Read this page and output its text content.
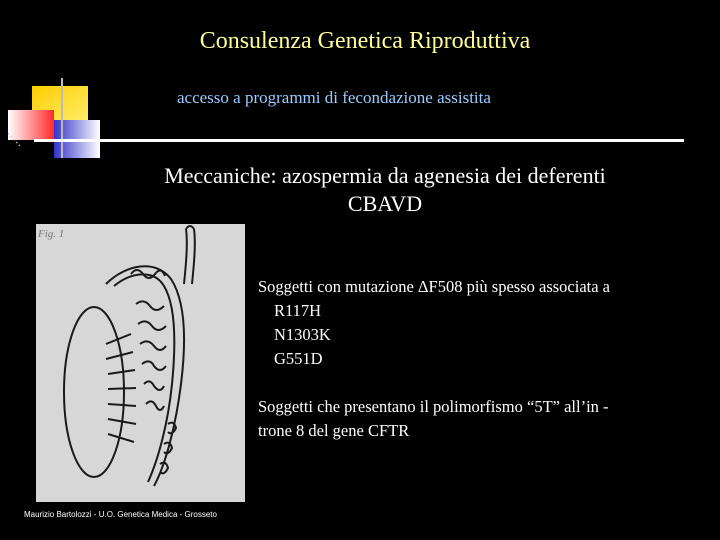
Consulenza Genetica Riproduttiva
accesso a programmi di fecondazione assistita
Meccaniche: azospermia da agenesia dei deferenti
CBAVD
Fig. 1
Soggetti con mutazione ΔF508 più spesso associata a
R117H
N1303K
G551D
Soggetti che presentano il polimorfismo “5T” all’in -
trone 8 del gene CFTR
Maurizio Bartolozzi - U.O. Genetica Medica - Grosseto
